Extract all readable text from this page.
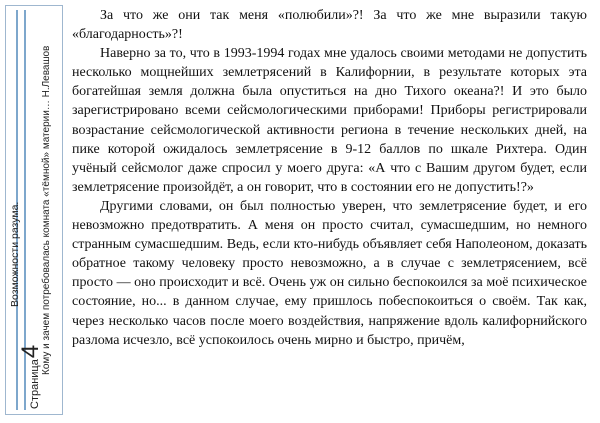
Страница
4
Возможности разума. Кому и зачем потребовалась комната «тёмной» материи… Н.Левашов

За что же они так меня «полюбили»?! За что же мне выразили такую «благодарность»?!

Наверно за то, что в 1993-1994 годах мне удалось своими методами не допустить несколько мощнейших землетрясений в Калифорнии, в результате которых эта богатейшая земля должна была опуститься на дно Тихого океана?! И это было зарегистрировано всеми сейсмологическими приборами! Приборы регистрировали возрастание сейсмологической активности региона в течение нескольких дней, на пике которой ожидалось землетрясение в 9-12 баллов по шкале Рихтера. Один учёный сейсмолог даже спросил у моего друга: «А что с Вашим другом будет, если землетрясение произойдёт, а он говорит, что в состоянии его не допустить!?»

Другими словами, он был полностью уверен, что землетрясение будет, и его невозможно предотвратить. А меня он просто считал, сумасшедшим, но немного странным сумасшедшим. Ведь, если кто-нибудь объявляет себя Наполеоном, доказать обратное такому человеку просто невозможно, а в случае с землетрясением, всё просто — оно происходит и всё. Очень уж он сильно беспокоился за моё психическое состояние, но... в данном случае, ему пришлось побеспокоиться о своём. Так как, через несколько часов после моего воздействия, напряжение вдоль калифорнийского разлома исчезло, всё успокоилось очень мирно и быстро, причём,
